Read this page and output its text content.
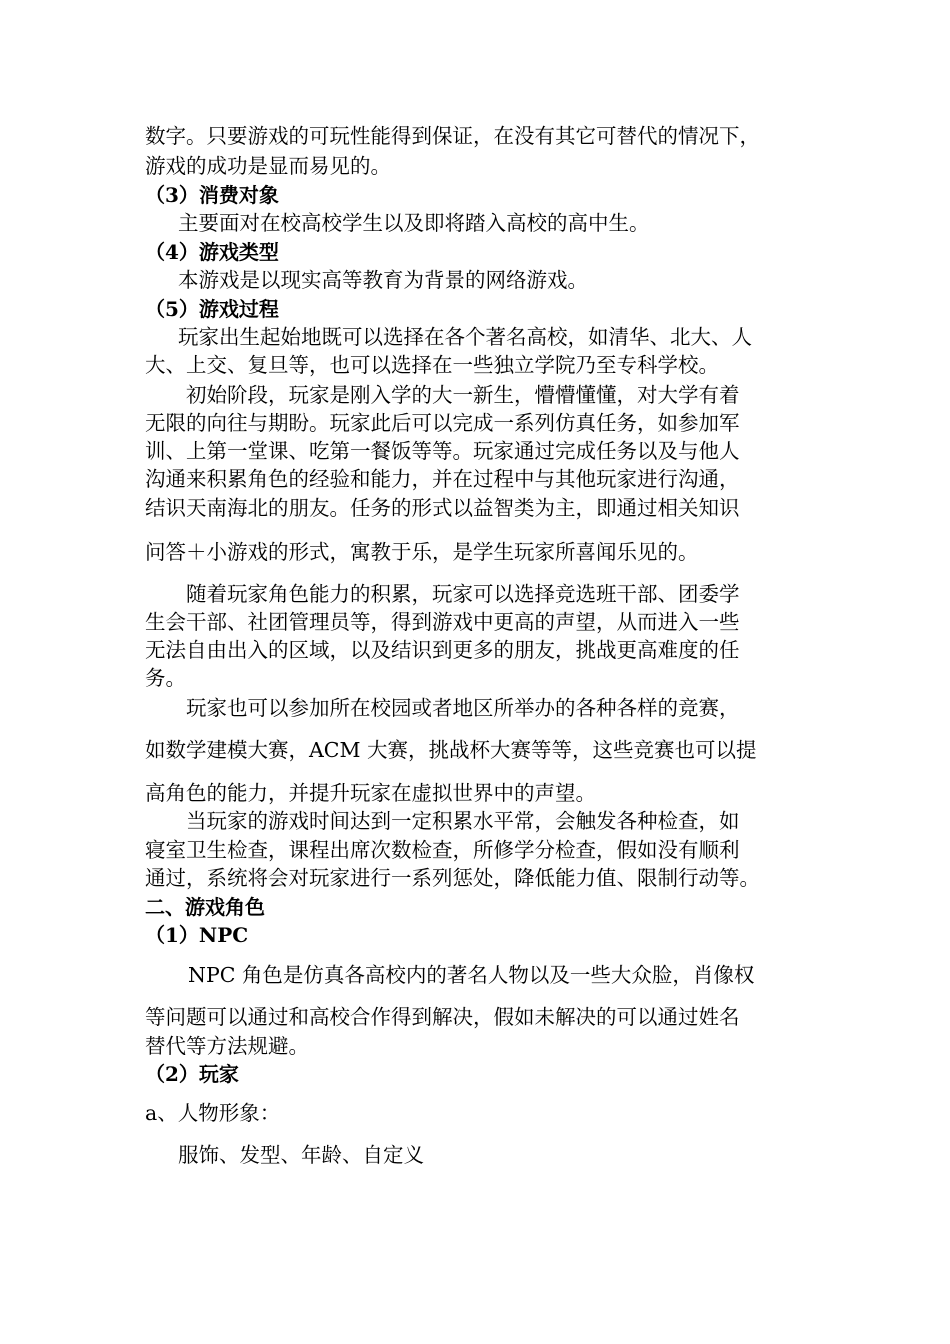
数字。只要游戏的可玩性能得到保证，在没有其它可替代的情况下，
游戏的成功是显而易见的。
（3）消费对象
主要面对在校高校学生以及即将踏入高校的高中生。
（4）游戏类型
本游戏是以现实高等教育为背景的网络游戏。
（5）游戏过程
玩家出生起始地既可以选择在各个著名高校，如清华、北大、人
大、上交、复旦等，也可以选择在一些独立学院乃至专科学校。
初始阶段，玩家是刚入学的大一新生，懵懵懂懂，对大学有着
无限的向往与期盼。玩家此后可以完成一系列仿真任务，如参加军
训、上第一堂课、吃第一餐饭等等。玩家通过完成任务以及与他人
沟通来积累角色的经验和能力，并在过程中与其他玩家进行沟通，
结识天南海北的朋友。任务的形式以益智类为主，即通过相关知识
问答＋小游戏的形式，寓教于乐，是学生玩家所喜闻乐见的。
随着玩家角色能力的积累，玩家可以选择竞选班干部、团委学
生会干部、社团管理员等，得到游戏中更高的声望，从而进入一些
无法自由出入的区域，以及结识到更多的朋友，挑战更高难度的任
务。
玩家也可以参加所在校园或者地区所举办的各种各样的竞赛，
如数学建模大赛，ACM 大赛，挑战杯大赛等等，这些竞赛也可以提
高角色的能力，并提升玩家在虚拟世界中的声望。
当玩家的游戏时间达到一定积累水平常，会触发各种检查，如
寝室卫生检查，课程出席次数检查，所修学分检查，假如没有顺利
通过，系统将会对玩家进行一系列惩处，降低能力值、限制行动等。
二、游戏角色
（1）NPC
NPC 角色是仿真各高校内的著名人物以及一些大众脸，肖像权
等问题可以通过和高校合作得到解决，假如未解决的可以通过姓名
替代等方法规避。
（2）玩家
a、人物形象：
服饰、发型、年龄、自定义
